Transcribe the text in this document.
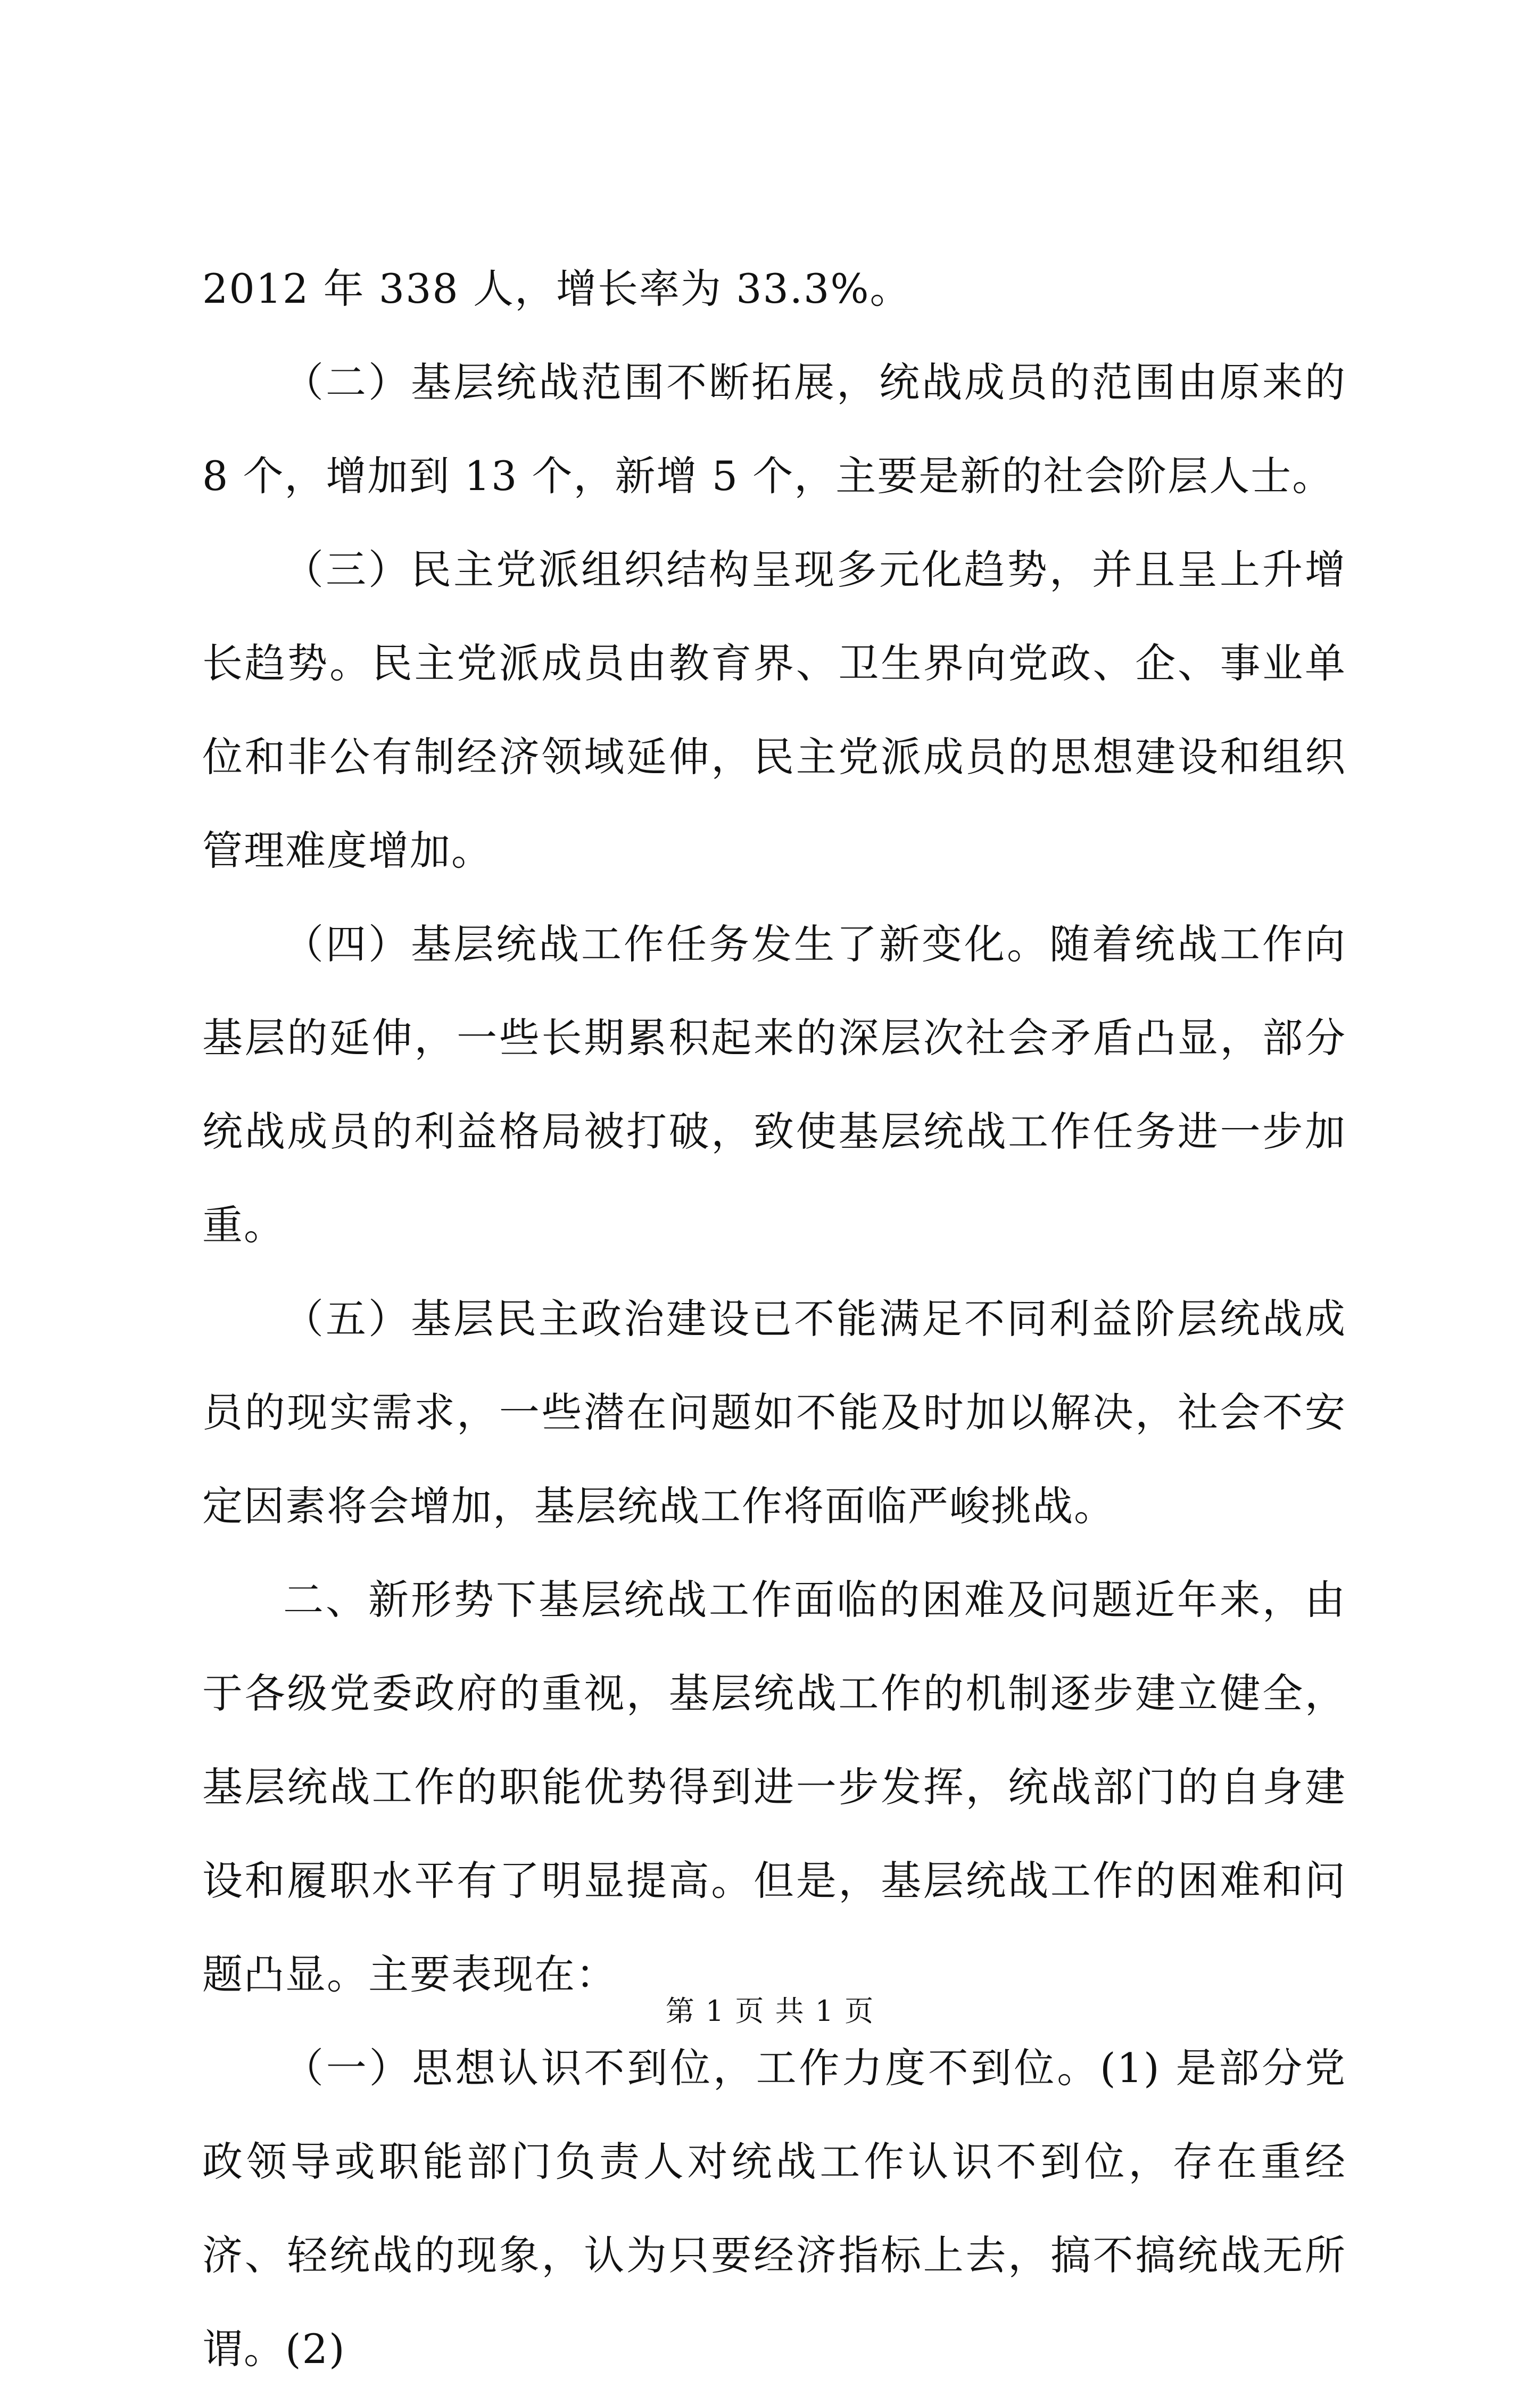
2012 年 338 人，增长率为 33.3%。

（二）基层统战范围不断拓展，统战成员的范围由原来的 8 个，增加到 13 个，新增 5 个，主要是新的社会阶层人士。

（三）民主党派组织结构呈现多元化趋势，并且呈上升增长趋势。民主党派成员由教育界、卫生界向党政、企、事业单位和非公有制经济领域延伸，民主党派成员的思想建设和组织管理难度增加。

（四）基层统战工作任务发生了新变化。随着统战工作向基层的延伸，一些长期累积起来的深层次社会矛盾凸显，部分统战成员的利益格局被打破，致使基层统战工作任务进一步加重。

（五）基层民主政治建设已不能满足不同利益阶层统战成员的现实需求，一些潜在问题如不能及时加以解决，社会不安定因素将会增加，基层统战工作将面临严峻挑战。

二、新形势下基层统战工作面临的困难及问题近年来，由于各级党委政府的重视，基层统战工作的机制逐步建立健全，基层统战工作的职能优势得到进一步发挥，统战部门的自身建设和履职水平有了明显提高。但是，基层统战工作的困难和问题凸显。主要表现在：

（一）思想认识不到位，工作力度不到位。(1) 是部分党政领导或职能部门负责人对统战工作认识不到位，存在重经济、轻统战的现象，认为只要经济指标上去，搞不搞统战无所谓。(2)

第 1 页 共 1 页
